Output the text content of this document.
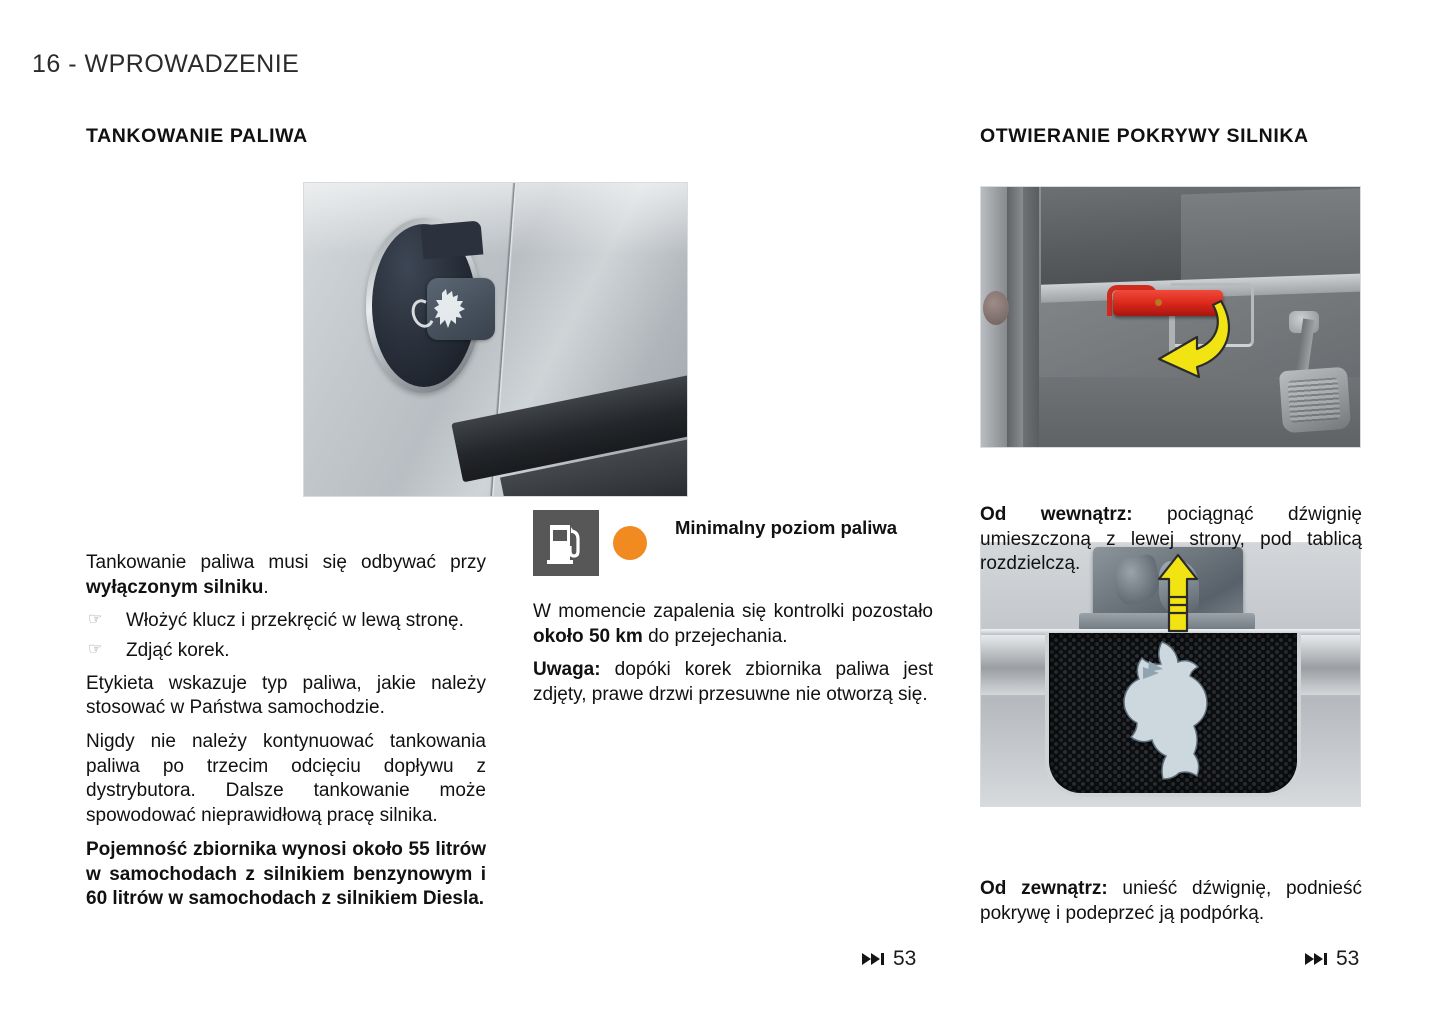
16 - WPROWADZENIE
TANKOWANIE PALIWA

Tankowanie paliwa musi się odbywać przy wyłączonym silniku.

☞ Włożyć klucz i przekręcić w lewą stronę.
☞ Zdjąć korek.

Etykieta wskazuje typ paliwa, jakie należy stosować w Państwa samochodzie.

Nigdy nie należy kontynuować tankowania paliwa po trzecim odcięciu dopływu z dystrybutora. Dalsze tankowanie może spowodować nieprawidłową pracę silnika.

Pojemność zbiornika wynosi około 55 litrów w samochodach z silnikiem benzynowym i 60 litrów w samochodach z silnikiem Diesla.

Minimalny poziom paliwa

W momencie zapalenia się kontrolki pozostało około 50 km do przejechania.

Uwaga: dopóki korek zbiornika paliwa jest zdjęty, prawe drzwi przesuwne nie otworzą się.

OTWIERANIE POKRYWY SILNIKA

Od wewnątrz: pociągnąć dźwignię umieszczoną z lewej strony, pod tablicą rozdzielczą.

Od zewnątrz: unieść dźwignię, podnieść pokrywę i podeprzeć ją podpórką.

53	53
